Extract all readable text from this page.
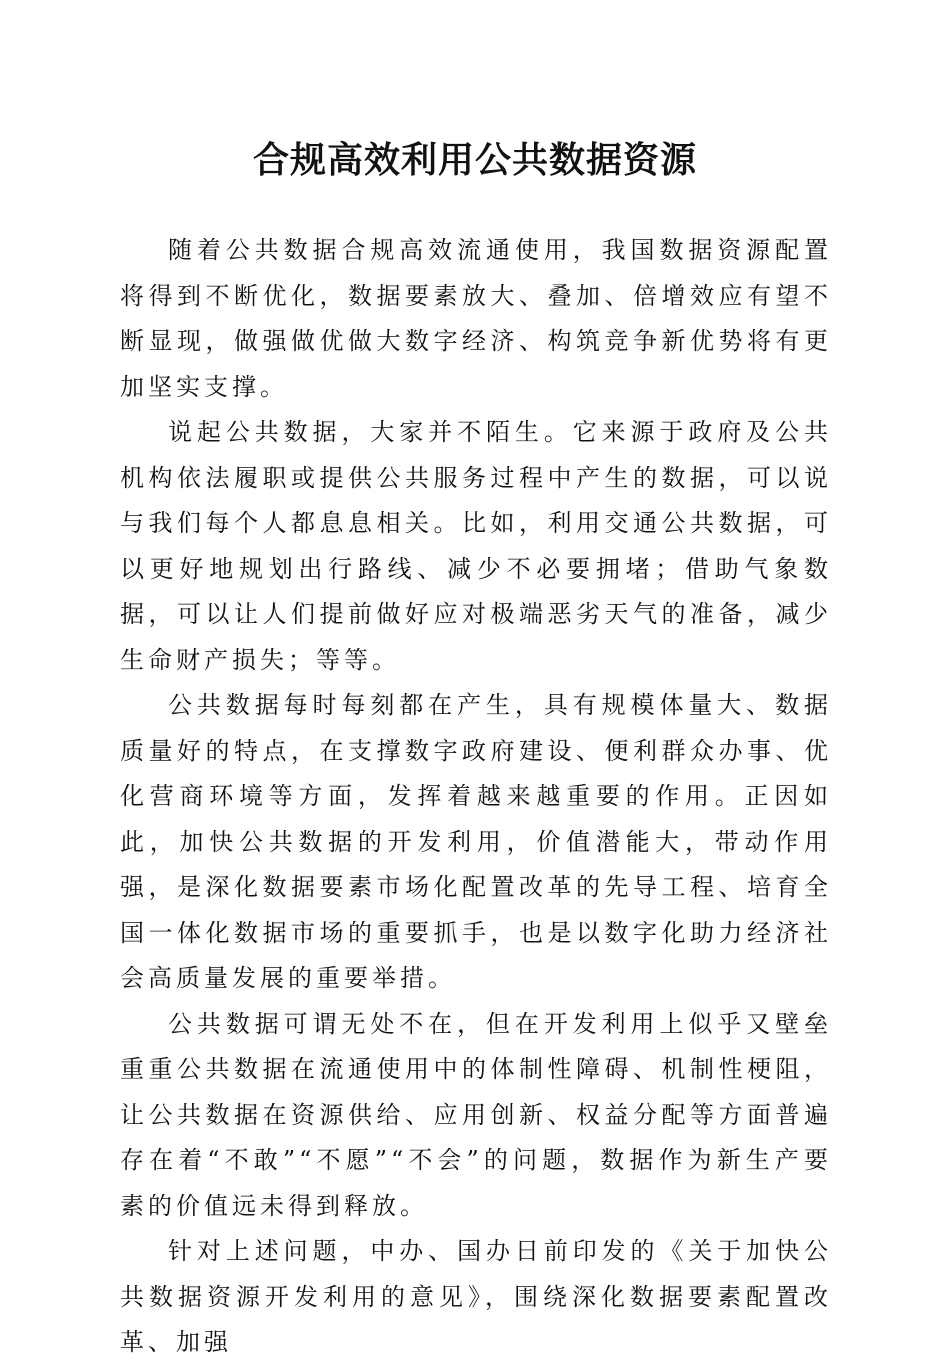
合规高效利用公共数据资源

随着公共数据合规高效流通使用，我国数据资源配置将得到不断优化，数据要素放大、叠加、倍增效应有望不断显现，做强做优做大数字经济、构筑竞争新优势将有更加坚实支撑。

说起公共数据，大家并不陌生。它来源于政府及公共机构依法履职或提供公共服务过程中产生的数据，可以说与我们每个人都息息相关。比如，利用交通公共数据，可以更好地规划出行路线、减少不必要拥堵；借助气象数据，可以让人们提前做好应对极端恶劣天气的准备，减少生命财产损失；等等。

公共数据每时每刻都在产生，具有规模体量大、数据质量好的特点，在支撑数字政府建设、便利群众办事、优化营商环境等方面，发挥着越来越重要的作用。正因如此，加快公共数据的开发利用，价值潜能大，带动作用强，是深化数据要素市场化配置改革的先导工程、培育全国一体化数据市场的重要抓手，也是以数字化助力经济社会高质量发展的重要举措。

公共数据可谓无处不在，但在开发利用上似乎又壁垒重重公共数据在流通使用中的体制性障碍、机制性梗阻，让公共数据在资源供给、应用创新、权益分配等方面普遍存在着“不敢”“不愿”“不会”的问题，数据作为新生产要素的价值远未得到释放。

针对上述问题，中办、国办日前印发的《关于加快公共数据资源开发利用的意见》，围绕深化数据要素配置改革、加强
